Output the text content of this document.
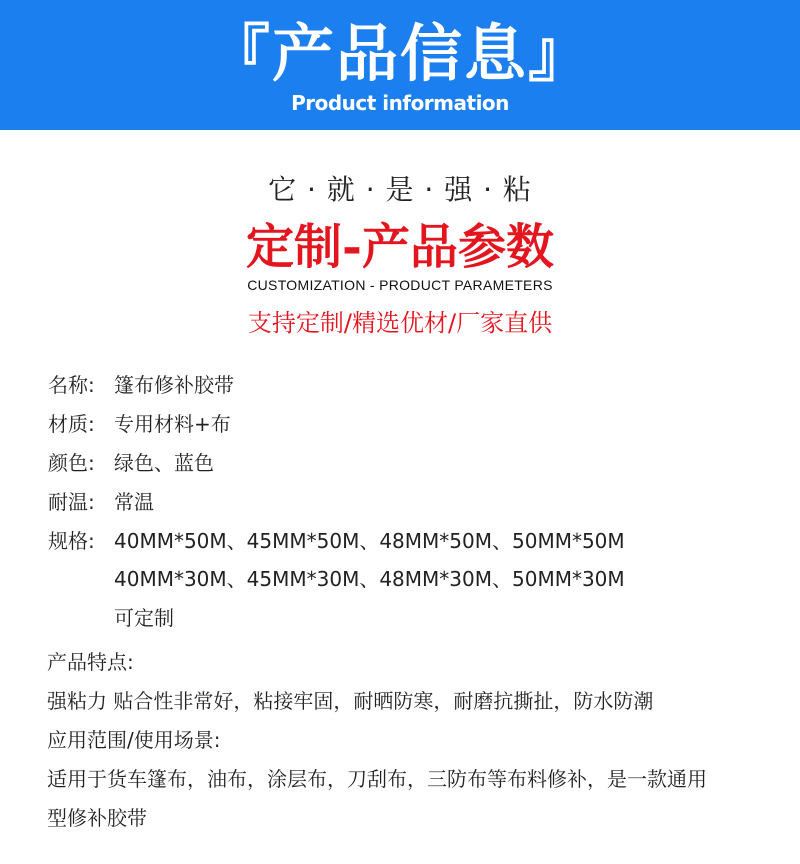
『产品信息』
Product information
它 · 就 · 是 · 强 · 粘
定制-产品参数
CUSTOMIZATION - PRODUCT PARAMETERS
支持定制/精选优材/厂家直供
名称: 篷布修补胶带
材质: 专用材料+布
颜色: 绿色、蓝色
耐温: 常温
规格: 40MM*50M、45MM*50M、48MM*50M、50MM*50M
40MM*30M、45MM*30M、48MM*30M、50MM*30M
可定制
产品特点:
强粘力 贴合性非常好，粘接牢固，耐晒防寒，耐磨抗撕扯，防水防潮
应用范围/使用场景:
适用于货车篷布，油布，涂层布，刀刮布，三防布等布料修补，是一款通用
型修补胶带
